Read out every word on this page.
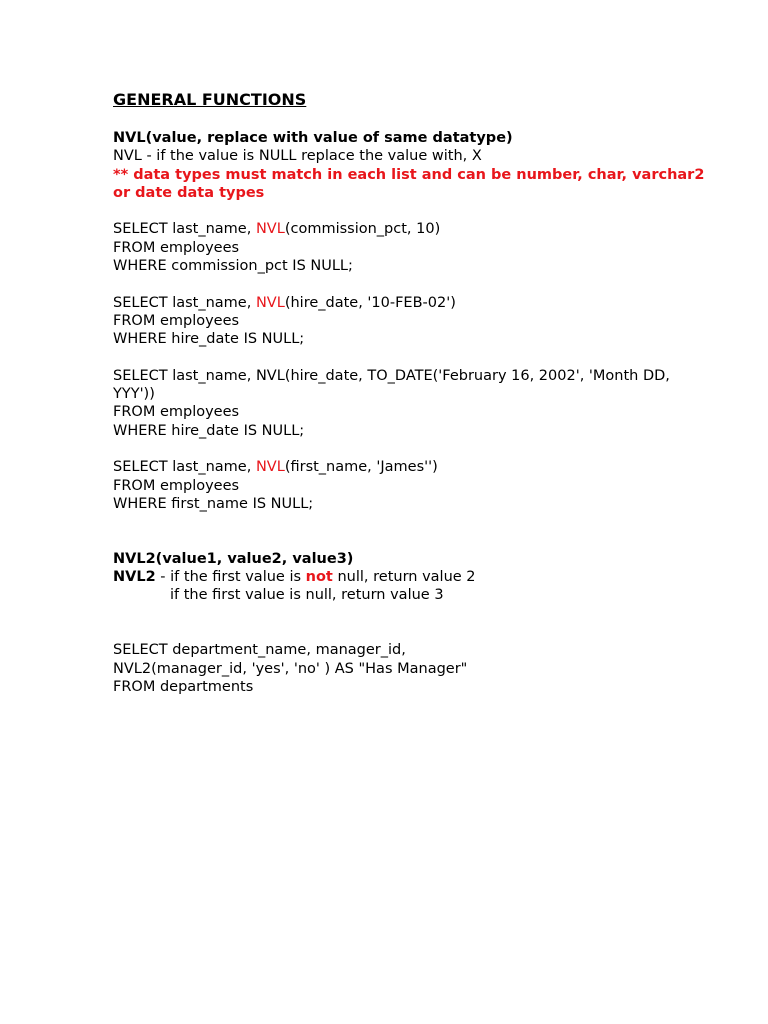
GENERAL FUNCTIONS
NVL(value, replace with value of same datatype)
NVL - if the value is NULL replace the value with, X
** data types must match in each list and can be number, char, varchar2
or date data types
SELECT last_name, NVL(commission_pct, 10)
FROM employees
WHERE commission_pct IS NULL;
SELECT last_name, NVL(hire_date, '10-FEB-02')
FROM employees
WHERE hire_date IS NULL;
SELECT last_name, NVL(hire_date, TO_DATE('February 16, 2002', 'Month DD,
YYY'))
FROM employees
WHERE hire_date IS NULL;
SELECT last_name, NVL(first_name, 'James'')
FROM employees
WHERE first_name IS NULL;
NVL2(value1, value2, value3)
NVL2 - if the first value is not null, return value 2
if the first value is null, return value 3
SELECT department_name, manager_id,
NVL2(manager_id, 'yes', 'no' ) AS "Has Manager"
FROM departments
